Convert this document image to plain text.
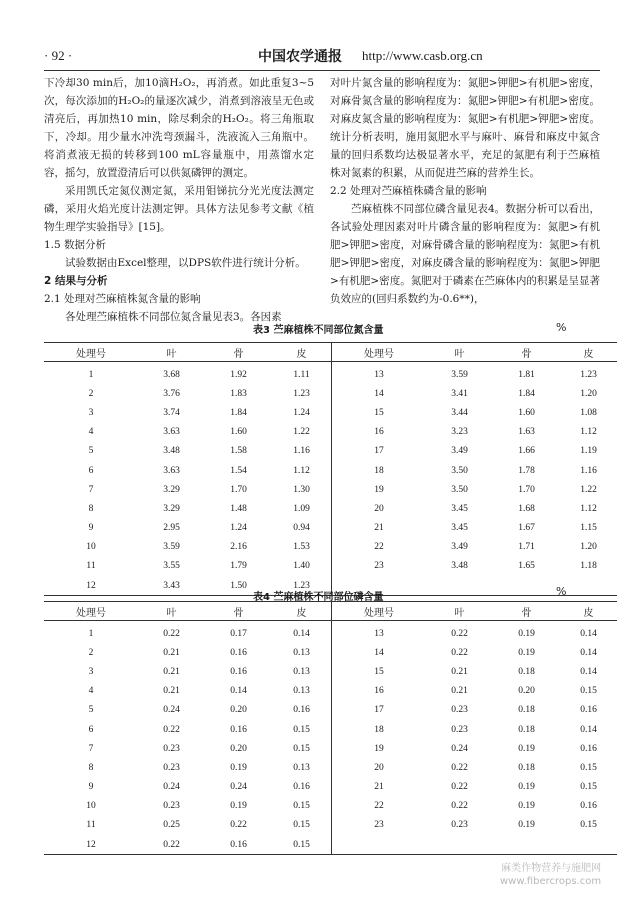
· 92 ·	中国农学通报 http://www.casb.org.cn

下冷却30 min后，加10滴H₂O₂，再消煮。如此重复3~5次，每次添加的H₂O₂的量逐次减少，消煮到溶液呈无色或清亮后，再加热10 min，除尽剩余的H₂O₂。将三角瓶取下，冷却。用少量水冲洗弯颈漏斗，洗液流入三角瓶中。将消煮液无损的转移到100 mL容量瓶中，用蒸馏水定容，摇匀，放置澄清后可以供氮磷钾的测定。

采用凯氏定氮仪测定氮，采用钼锑抗分光光度法测定磷，采用火焰光度计法测定钾。具体方法见参考文献《植物生理学实验指导》[15]。

1.5 数据分析

试验数据由Excel整理，以DPS软件进行统计分析。

2 结果与分析

2.1 处理对苎麻植株氮含量的影响

各处理苎麻植株不同部位氮含量见表3。各因素

对叶片氮含量的影响程度为：氮肥>钾肥>有机肥>密度，对麻骨氮含量的影响程度为：氮肥>钾肥>有机肥>密度。对麻皮氮含量的影响程度为：氮肥>有机肥>钾肥>密度。统计分析表明，施用氮肥水平与麻叶、麻骨和麻皮中氮含量的回归系数均达极显著水平，充足的氮肥有利于苎麻植株对氮素的积累，从而促进苎麻的营养生长。

2.2 处理对苎麻植株磷含量的影响

苎麻植株不同部位磷含量见表4。数据分析可以看出，各试验处理因素对叶片磷含量的影响程度为：氮肥>有机肥>钾肥>密度，对麻骨磷含量的影响程度为：氮肥>有机肥>钾肥>密度，对麻皮磷含量的影响程度为：氮肥>钾肥>有机肥>密度。氮肥对于磷素在苎麻体内的积累是呈显著负效应的(回归系数约为-0.6**)，

表3 苎麻植株不同部位氮含量	%
处理号	叶	骨	皮	处理号	叶	骨	皮
1	3.68	1.92	1.11	13	3.59	1.81	1.23
2	3.76	1.83	1.23	14	3.41	1.84	1.20
3	3.74	1.84	1.24	15	3.44	1.60	1.08
4	3.63	1.60	1.22	16	3.23	1.63	1.12
5	3.48	1.58	1.16	17	3.49	1.66	1.19
6	3.63	1.54	1.12	18	3.50	1.78	1.16
7	3.29	1.70	1.30	19	3.50	1.70	1.22
8	3.29	1.48	1.09	20	3.45	1.68	1.12
9	2.95	1.24	0.94	21	3.45	1.67	1.15
10	3.59	2.16	1.53	22	3.49	1.71	1.20
11	3.55	1.79	1.40	23	3.48	1.65	1.18
12	3.43	1.50	1.23				
表4 苎麻植株不同部位磷含量	%
处理号	叶	骨	皮	处理号	叶	骨	皮
1	0.22	0.17	0.14	13	0.22	0.19	0.14
2	0.21	0.16	0.13	14	0.22	0.19	0.14
3	0.21	0.16	0.13	15	0.21	0.18	0.14
4	0.21	0.14	0.13	16	0.21	0.20	0.15
5	0.24	0.20	0.16	17	0.23	0.18	0.16
6	0.22	0.16	0.15	18	0.23	0.18	0.14
7	0.23	0.20	0.15	19	0.24	0.19	0.16
8	0.23	0.19	0.13	20	0.22	0.18	0.15
9	0.24	0.24	0.16	21	0.22	0.19	0.15
10	0.23	0.19	0.15	22	0.22	0.19	0.16
11	0.25	0.22	0.15	23	0.23	0.19	0.15
12	0.22	0.16	0.15				
麻类作物营养与施肥网
www.fibercrops.com
